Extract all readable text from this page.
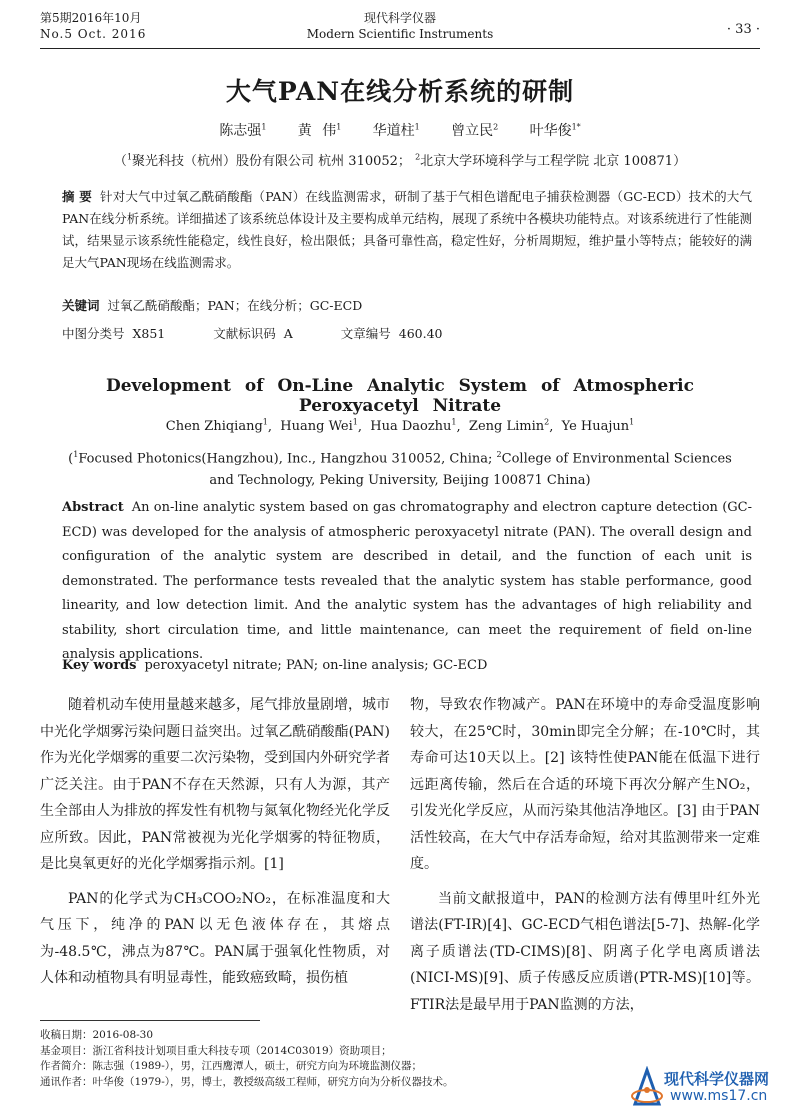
第5期2016年10月
No.5 Oct. 2016
现代科学仪器
Modern Scientific Instruments	· 33 ·
大气PAN在线分析系统的研制
陈志强$^1$ 黄 伟$^1$ 华道柱$^1$ 曾立民$^2$ 叶华俊$^{1*}$
（$^1$聚光科技（杭州）股份有限公司 杭州 310052； $^2$北京大学环境科学与工程学院 北京 100871）
摘 要 针对大气中过氧乙酰硝酸酯（PAN）在线监测需求，研制了基于气相色谱配电子捕获检测器（GC-ECD）技术的大气PAN在线分析系统。详细描述了该系统总体设计及主要构成单元结构，展现了系统中各模块功能特点。对该系统进行了性能测试，结果显示该系统性能稳定，线性良好，检出限低；具备可靠性高，稳定性好，分析周期短，维护量小等特点；能较好的满足大气PAN现场在线监测需求。
关键词 过氧乙酰硝酸酯；PAN；在线分析；GC-ECD
中图分类号 X851	文献标识码 A	文章编号 460.40
Development of On-Line Analytic System of Atmospheric Peroxyacetyl Nitrate
Chen Zhiqiang$^1$,  Huang Wei$^1$,  Hua Daozhu$^1$,  Zeng Limin$^2$,  Ye Huajun$^1$
($^1$Focused Photonics(Hangzhou), Inc., Hangzhou 310052, China; $^2$College of Environmental Sciences and Technology, Peking University, Beijing 100871 China)
Abstract An on-line analytic system based on gas chromatography and electron capture detection (GC-ECD) was developed for the analysis of atmospheric peroxyacetyl nitrate (PAN). The overall design and configuration of the analytic system are described in detail, and the function of each unit is demonstrated. The performance tests revealed that the analytic system has stable performance, good linearity, and low detection limit. And the analytic system has the advantages of high reliability and stability, short circulation time, and little maintenance, can meet the requirement of field on-line analysis applications.
Key words peroxyacetyl nitrate; PAN; on-line analysis; GC-ECD

随着机动车使用量越来越多，尾气排放量剧增，城市中光化学烟雾污染问题日益突出。过氧乙酰硝酸酯(PAN)作为光化学烟雾的重要二次污染物，受到国内外研究学者广泛关注。由于PAN不存在天然源，只有人为源，其产生全部由人为排放的挥发性有机物与氮氧化物经光化学反应所致。因此，PAN常被视为光化学烟雾的特征物质，是比臭氧更好的光化学烟雾指示剂。[1]

PAN的化学式为CH₃COO₂NO₂，在标准温度和大气压下，纯净的PAN以无色液体存在，其熔点为-48.5℃，沸点为87℃。PAN属于强氧化性物质，对人体和动植物具有明显毒性，能致癌致畸，损伤植

物，导致农作物减产。PAN在环境中的寿命受温度影响较大，在25℃时，30min即完全分解；在-10℃时，其寿命可达10天以上。[2] 该特性使PAN能在低温下进行远距离传输，然后在合适的环境下再次分解产生NO₂，引发光化学反应，从而污染其他洁净地区。[3] 由于PAN活性较高，在大气中存活寿命短，给对其监测带来一定难度。

当前文献报道中，PAN的检测方法有傅里叶红外光谱法(FT-IR)[4]、GC-ECD气相色谱法[5-7]、热解-化学离子质谱法(TD-CIMS)[8]、阴离子化学电离质谱法(NICI-MS)[9]、质子传感反应质谱(PTR-MS)[10]等。FTIR法是最早用于PAN监测的方法，

收稿日期：2016-08-30
基金项目：浙江省科技计划项目重大科技专项（2014C03019）资助项目；
作者简介：陈志强（1989-），男，江西鹰潭人，硕士，研究方向为环境监测仪器；
通讯作者：叶华俊（1979-），男，博士，教授级高级工程师，研究方向为分析仪器技术。	现代科学仪器网
www.ms17.cn
